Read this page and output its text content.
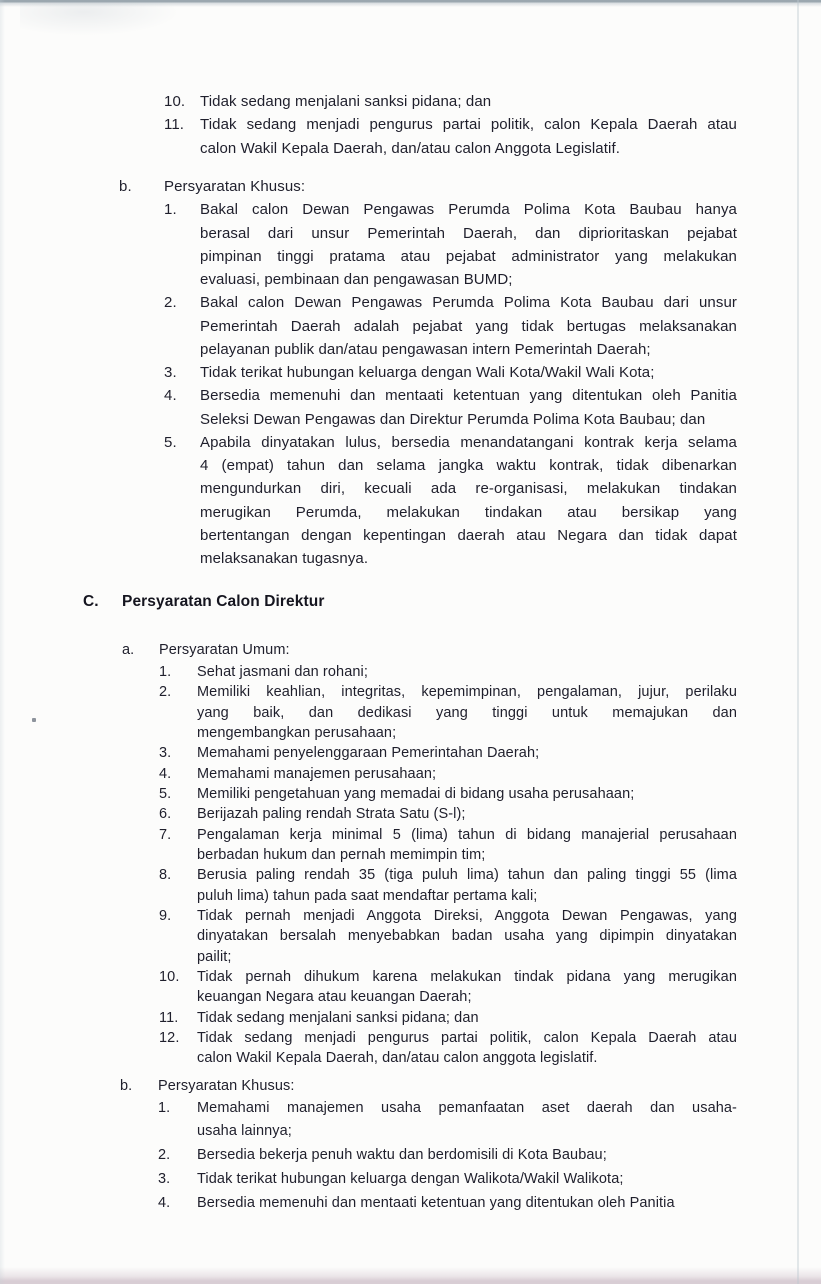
10. Tidak sedang menjalani sanksi pidana; dan
11. Tidak sedang menjadi pengurus partai politik, calon Kepala Daerah atau
calon Wakil Kepala Daerah, dan/atau calon Anggota Legislatif.
b. Persyaratan Khusus:
1. Bakal calon Dewan Pengawas Perumda Polima Kota Baubau hanya
berasal dari unsur Pemerintah Daerah, dan diprioritaskan pejabat
pimpinan tinggi pratama atau pejabat administrator yang melakukan
evaluasi, pembinaan dan pengawasan BUMD;
2. Bakal calon Dewan Pengawas Perumda Polima Kota Baubau dari unsur
Pemerintah Daerah adalah pejabat yang tidak bertugas melaksanakan
pelayanan publik dan/atau pengawasan intern Pemerintah Daerah;
3. Tidak terikat hubungan keluarga dengan Wali Kota/Wakil Wali Kota;
4. Bersedia memenuhi dan mentaati ketentuan yang ditentukan oleh Panitia
Seleksi Dewan Pengawas dan Direktur Perumda Polima Kota Baubau; dan
5. Apabila dinyatakan lulus, bersedia menandatangani kontrak kerja selama
4 (empat) tahun dan selama jangka waktu kontrak, tidak dibenarkan
mengundurkan diri, kecuali ada re-organisasi, melakukan tindakan
merugikan Perumda, melakukan tindakan atau bersikap yang
bertentangan dengan kepentingan daerah atau Negara dan tidak dapat
melaksanakan tugasnya.
C. Persyaratan Calon Direktur
a. Persyaratan Umum:
1. Sehat jasmani dan rohani;
2. Memiliki keahlian, integritas, kepemimpinan, pengalaman, jujur, perilaku
yang baik, dan dedikasi yang tinggi untuk memajukan dan
mengembangkan perusahaan;
3. Memahami penyelenggaraan Pemerintahan Daerah;
4. Memahami manajemen perusahaan;
5. Memiliki pengetahuan yang memadai di bidang usaha perusahaan;
6. Berijazah paling rendah Strata Satu (S-l);
7. Pengalaman kerja minimal 5 (lima) tahun di bidang manajerial perusahaan
berbadan hukum dan pernah memimpin tim;
8. Berusia paling rendah 35 (tiga puluh lima) tahun dan paling tinggi 55 (lima
puluh lima) tahun pada saat mendaftar pertama kali;
9. Tidak pernah menjadi Anggota Direksi, Anggota Dewan Pengawas, yang
dinyatakan bersalah menyebabkan badan usaha yang dipimpin dinyatakan
pailit;
10. Tidak pernah dihukum karena melakukan tindak pidana yang merugikan
keuangan Negara atau keuangan Daerah;
11. Tidak sedang menjalani sanksi pidana; dan
12. Tidak sedang menjadi pengurus partai politik, calon Kepala Daerah atau
calon Wakil Kepala Daerah, dan/atau calon anggota legislatif.
b. Persyaratan Khusus:
1. Memahami manajemen usaha pemanfaatan aset daerah dan usaha-
usaha lainnya;
2. Bersedia bekerja penuh waktu dan berdomisili di Kota Baubau;
3. Tidak terikat hubungan keluarga dengan Walikota/Wakil Walikota;
4. Bersedia memenuhi dan mentaati ketentuan yang ditentukan oleh Panitia
